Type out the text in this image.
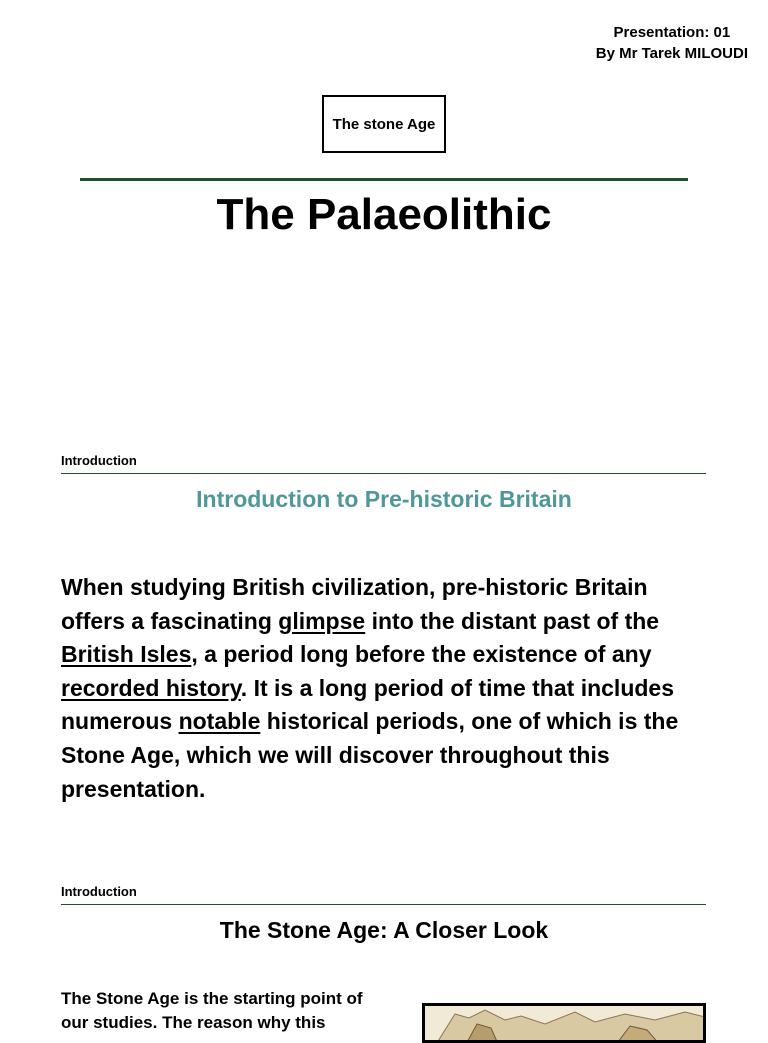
Presentation: 01
By Mr Tarek MILOUDI
The stone Age
The Palaeolithic
Introduction
Introduction to Pre-historic Britain

When studying British civilization, pre-historic Britain offers a fascinating glimpse into the distant past of the British Isles, a period long before the existence of any recorded history. It is a long period of time that includes numerous notable historical periods, one of which is the Stone Age, which we will discover throughout this presentation.

Introduction
The Stone Age: A Closer Look

The Stone Age is the starting point of our studies. The reason why this
